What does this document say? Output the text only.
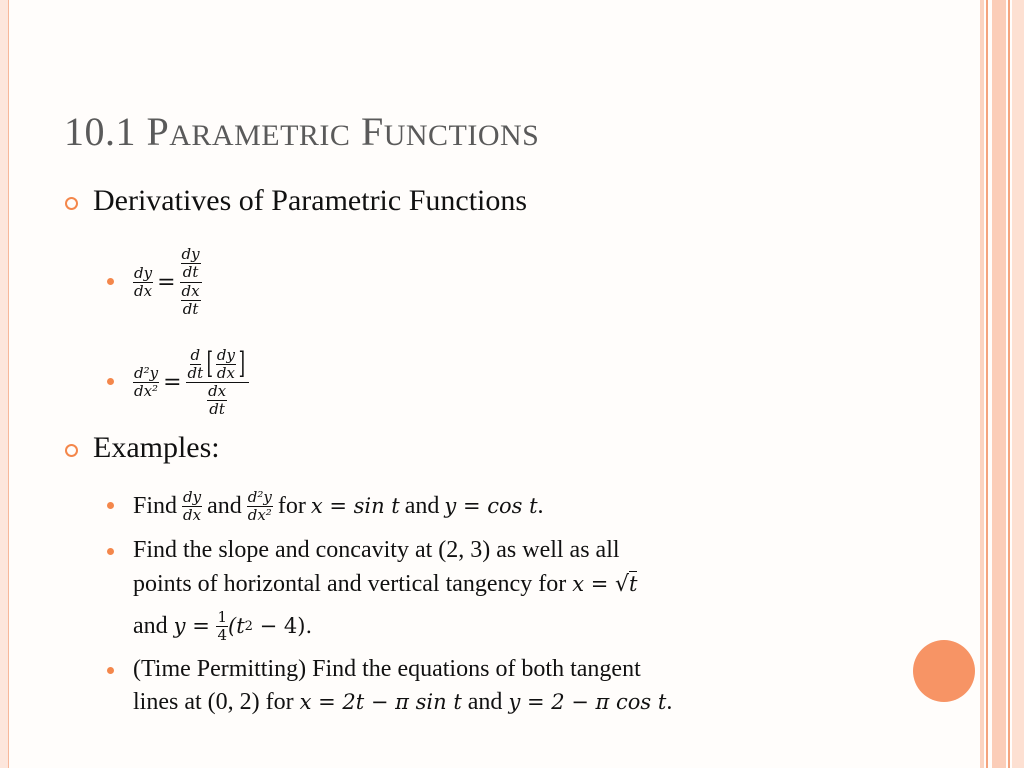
10.1 PARAMETRIC FUNCTIONS
Derivatives of Parametric Functions
$\frac{dy}{dx} = \frac{\frac{dy}{dt}}{\frac{dx}{dt}}$
$\frac{\text{d²y}}{\text{dx²}} = \frac{\frac{d}{dt} [ \frac{dy}{dx} ]}{\frac{dx}{dt}}$
Examples:
Find $\frac{dy}{dx}$ and $\frac{\text{d²y}}{\text{dx²}}$ for x = sin t and y = cos t .
Find the slope and concavity at (2, 3) as well as all
points of horizontal and vertical tangency for x = √t
and $y = \frac{1}{4} (t$ 2 − 4).
(Time Permitting) Find the equations of both tangent
lines at (0, 2) for x = 2t − π sin t and y = 2 − π cos t.
